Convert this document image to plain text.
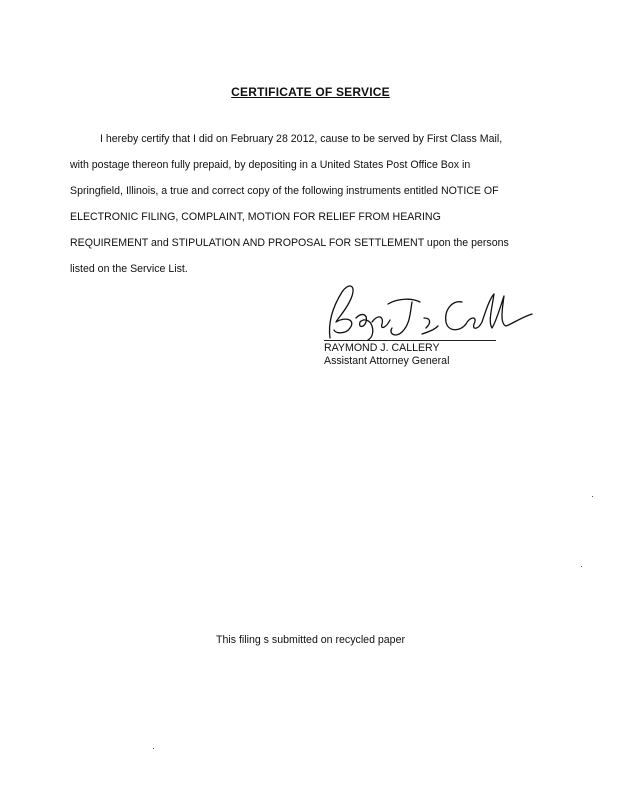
CERTIFICATE OF SERVICE
I hereby certify that I did on February 28 2012, cause to be served by First Class Mail,
with postage thereon fully prepaid, by depositing in a United States Post Office Box in
Springfield, Illinois, a true and correct copy of the following instruments entitled NOTICE OF
ELECTRONIC FILING, COMPLAINT, MOTION FOR RELIEF FROM HEARING
REQUIREMENT and STIPULATION AND PROPOSAL FOR SETTLEMENT upon the persons
listed on the Service List.
RAYMOND J. CALLERY
Assistant Attorney General
This filing s submitted on recycled paper
